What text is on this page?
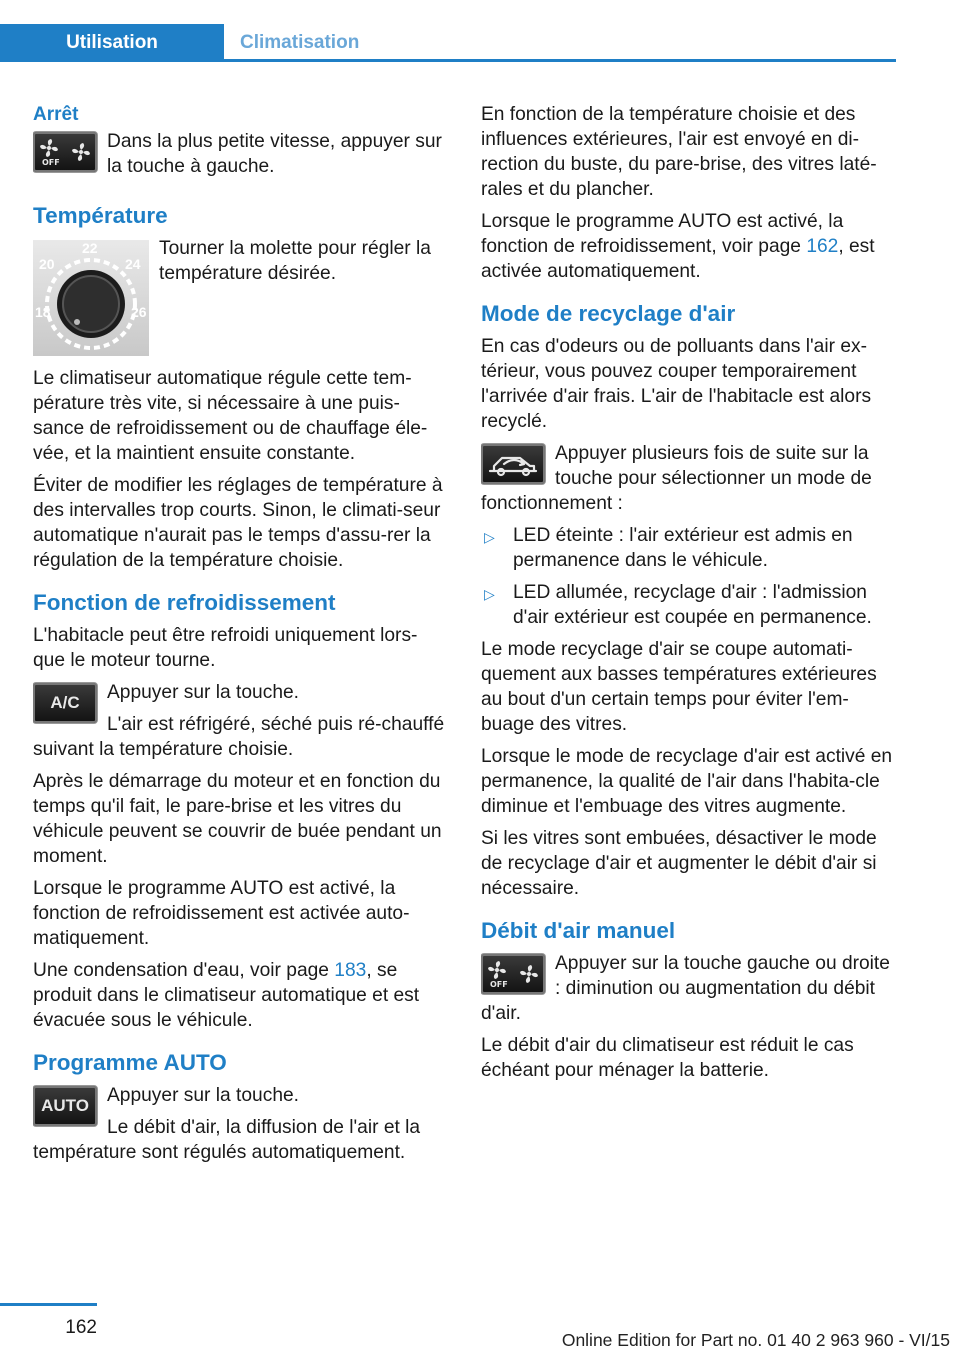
Utilisation	Climatisation
Arrêt
OFF

Dans la plus petite vitesse, appuyer sur la touche à gauche.

Température
22
20	24
18	26

Tourner la molette pour régler la température désirée.

Le climatiseur automatique régule cette tem‐pérature très vite, si nécessaire à une puis‐sance de refroidissement ou de chauffage éle‐vée, et la maintient ensuite constante.

Éviter de modifier les réglages de température à des intervalles trop courts. Sinon, le climati‐seur automatique n'aurait pas le temps d'assu‐rer la régulation de la température choisie.

Fonction de refroidissement

L'habitacle peut être refroidi uniquement lors‐que le moteur tourne.

A/C	Appuyer sur la touche.

L'air est réfrigéré, séché puis ré‐chauffé suivant la température choisie.

Après le démarrage du moteur et en fonction du temps qu'il fait, le pare-brise et les vitres du véhicule peuvent se couvrir de buée pendant un moment.

Lorsque le programme AUTO est activé, la fonction de refroidissement est activée auto‐matiquement.

Une condensation d'eau, voir page 183, se produit dans le climatiseur automatique et est évacuée sous le véhicule.

Programme AUTO
AUTO Appuyer sur la touche.

Le débit d'air, la diffusion de l'air et la température sont régulés automatiquement.

En fonction de la température choisie et des influences extérieures, l'air est envoyé en di‐rection du buste, du pare-brise, des vitres laté‐rales et du plancher.

Lorsque le programme AUTO est activé, la fonction de refroidissement, voir page 162, est activée automatiquement.

Mode de recyclage d'air

En cas d'odeurs ou de polluants dans l'air ex‐térieur, vous pouvez couper temporairement l'arrivée d'air frais. L'air de l'habitacle est alors recyclé.

Appuyer plusieurs fois de suite sur la touche pour sélectionner un mode de fonctionnement :

▷ LED éteinte : l'air extérieur est admis en permanence dans le véhicule.
▷ LED allumée, recyclage d'air : l'admission d'air extérieur est coupée en permanence.

Le mode recyclage d'air se coupe automati‐quement aux basses températures extérieures au bout d'un certain temps pour éviter l'em‐buage des vitres.

Lorsque le mode de recyclage d'air est activé en permanence, la qualité de l'air dans l'habita‐cle diminue et l'embuage des vitres augmente.

Si les vitres sont embuées, désactiver le mode de recyclage d'air et augmenter le débit d'air si nécessaire.

Débit d'air manuel
OFF

Appuyer sur la touche gauche ou droite : diminution ou augmentation du débit d'air.

Le débit d'air du climatiseur est réduit le cas échéant pour ménager la batterie.

162
Online Edition for Part no. 01 40 2 963 960 - VI/15
